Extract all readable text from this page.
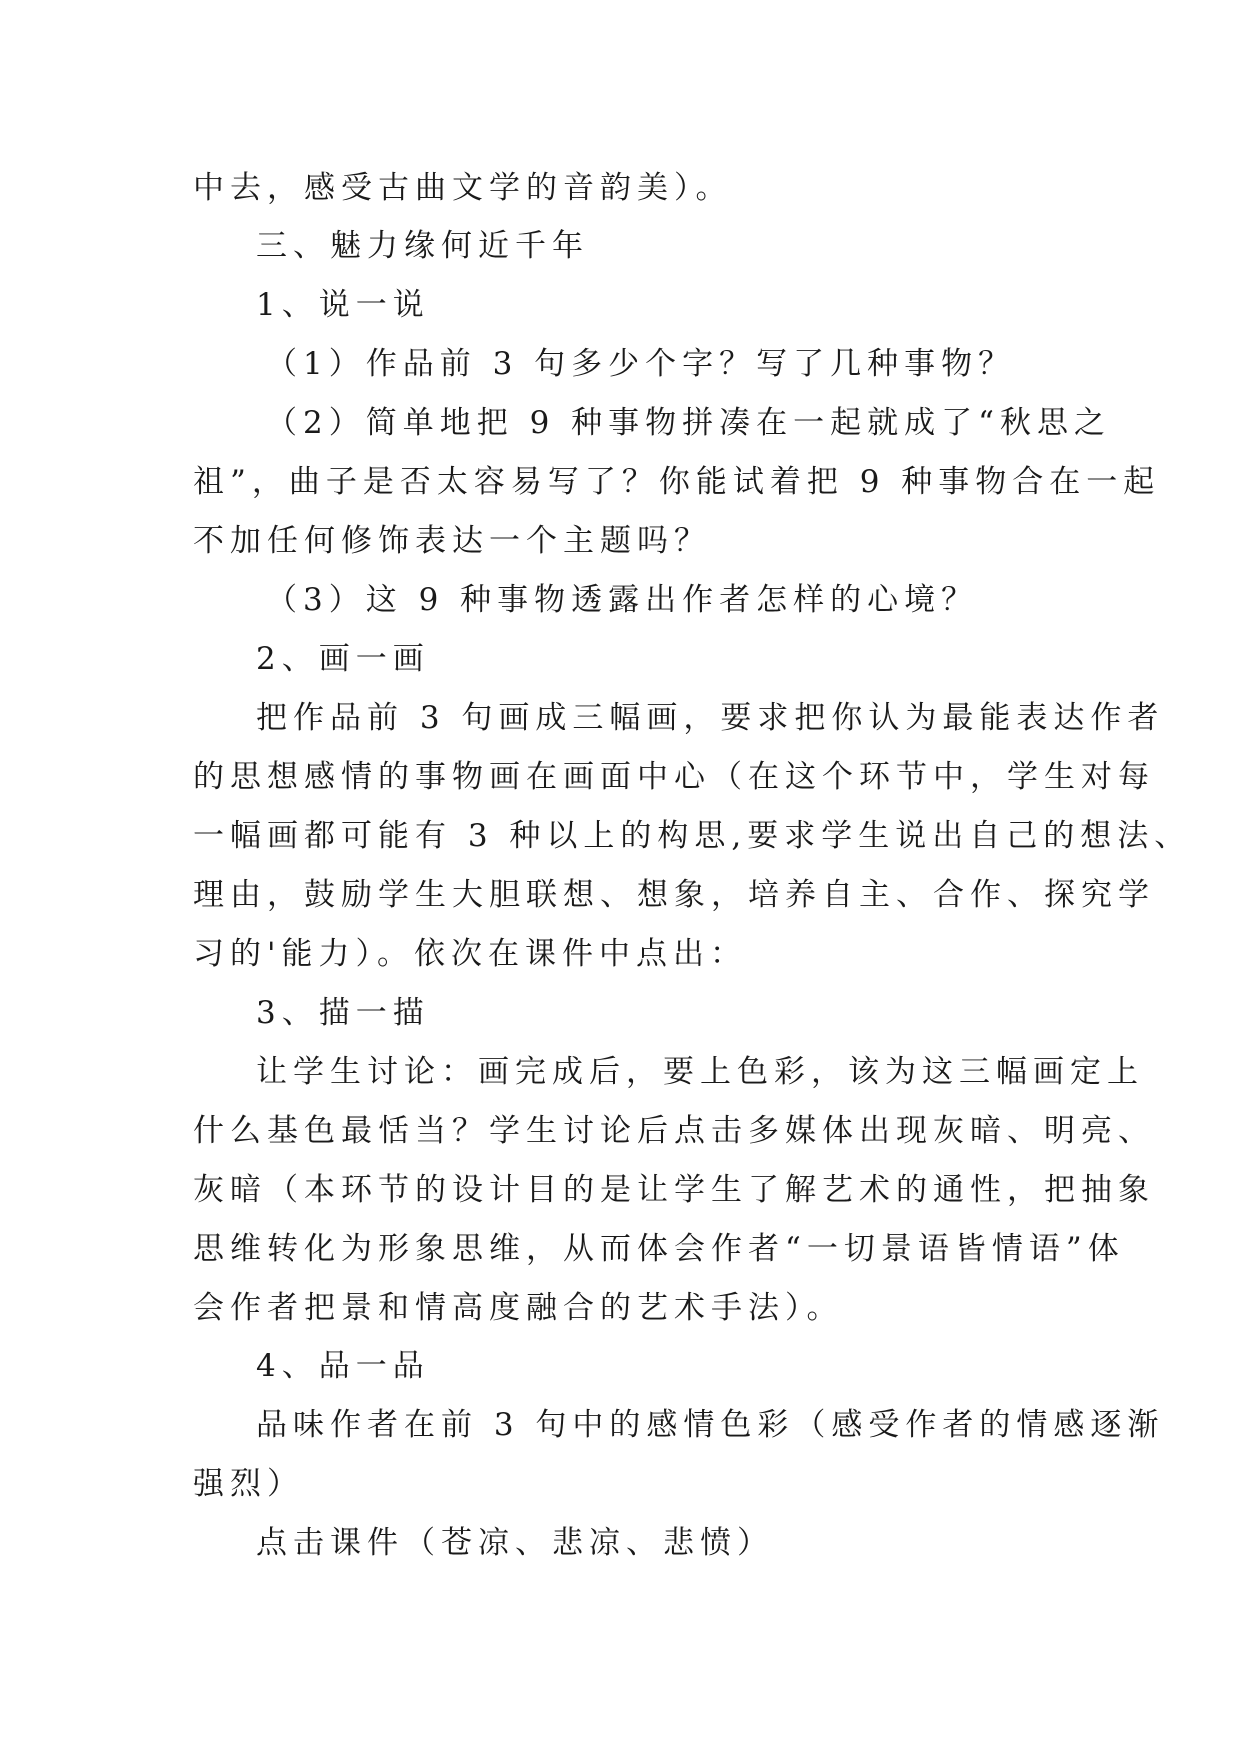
中去，感受古曲文学的音韵美）。
三、魅力缘何近千年
1、说一说
（1）作品前 3 句多少个字？写了几种事物？
（2）简单地把 9 种事物拼凑在一起就成了“秋思之
祖”，曲子是否太容易写了？你能试着把 9 种事物合在一起
不加任何修饰表达一个主题吗？
（3）这 9 种事物透露出作者怎样的心境？
2、画一画
把作品前 3 句画成三幅画，要求把你认为最能表达作者
的思想感情的事物画在画面中心（在这个环节中，学生对每
一幅画都可能有 3 种以上的构思,要求学生说出自己的想法、
理由，鼓励学生大胆联想、想象，培养自主、合作、探究学
习的'能力）。依次在课件中点出：
3、描一描
让学生讨论：画完成后，要上色彩，该为这三幅画定上
什么基色最恬当？学生讨论后点击多媒体出现灰暗、明亮、
灰暗（本环节的设计目的是让学生了解艺术的通性，把抽象
思维转化为形象思维，从而体会作者“一切景语皆情语”体
会作者把景和情高度融合的艺术手法）。
4、品一品
品味作者在前 3 句中的感情色彩（感受作者的情感逐渐
强烈）
点击课件（苍凉、悲凉、悲愤）
